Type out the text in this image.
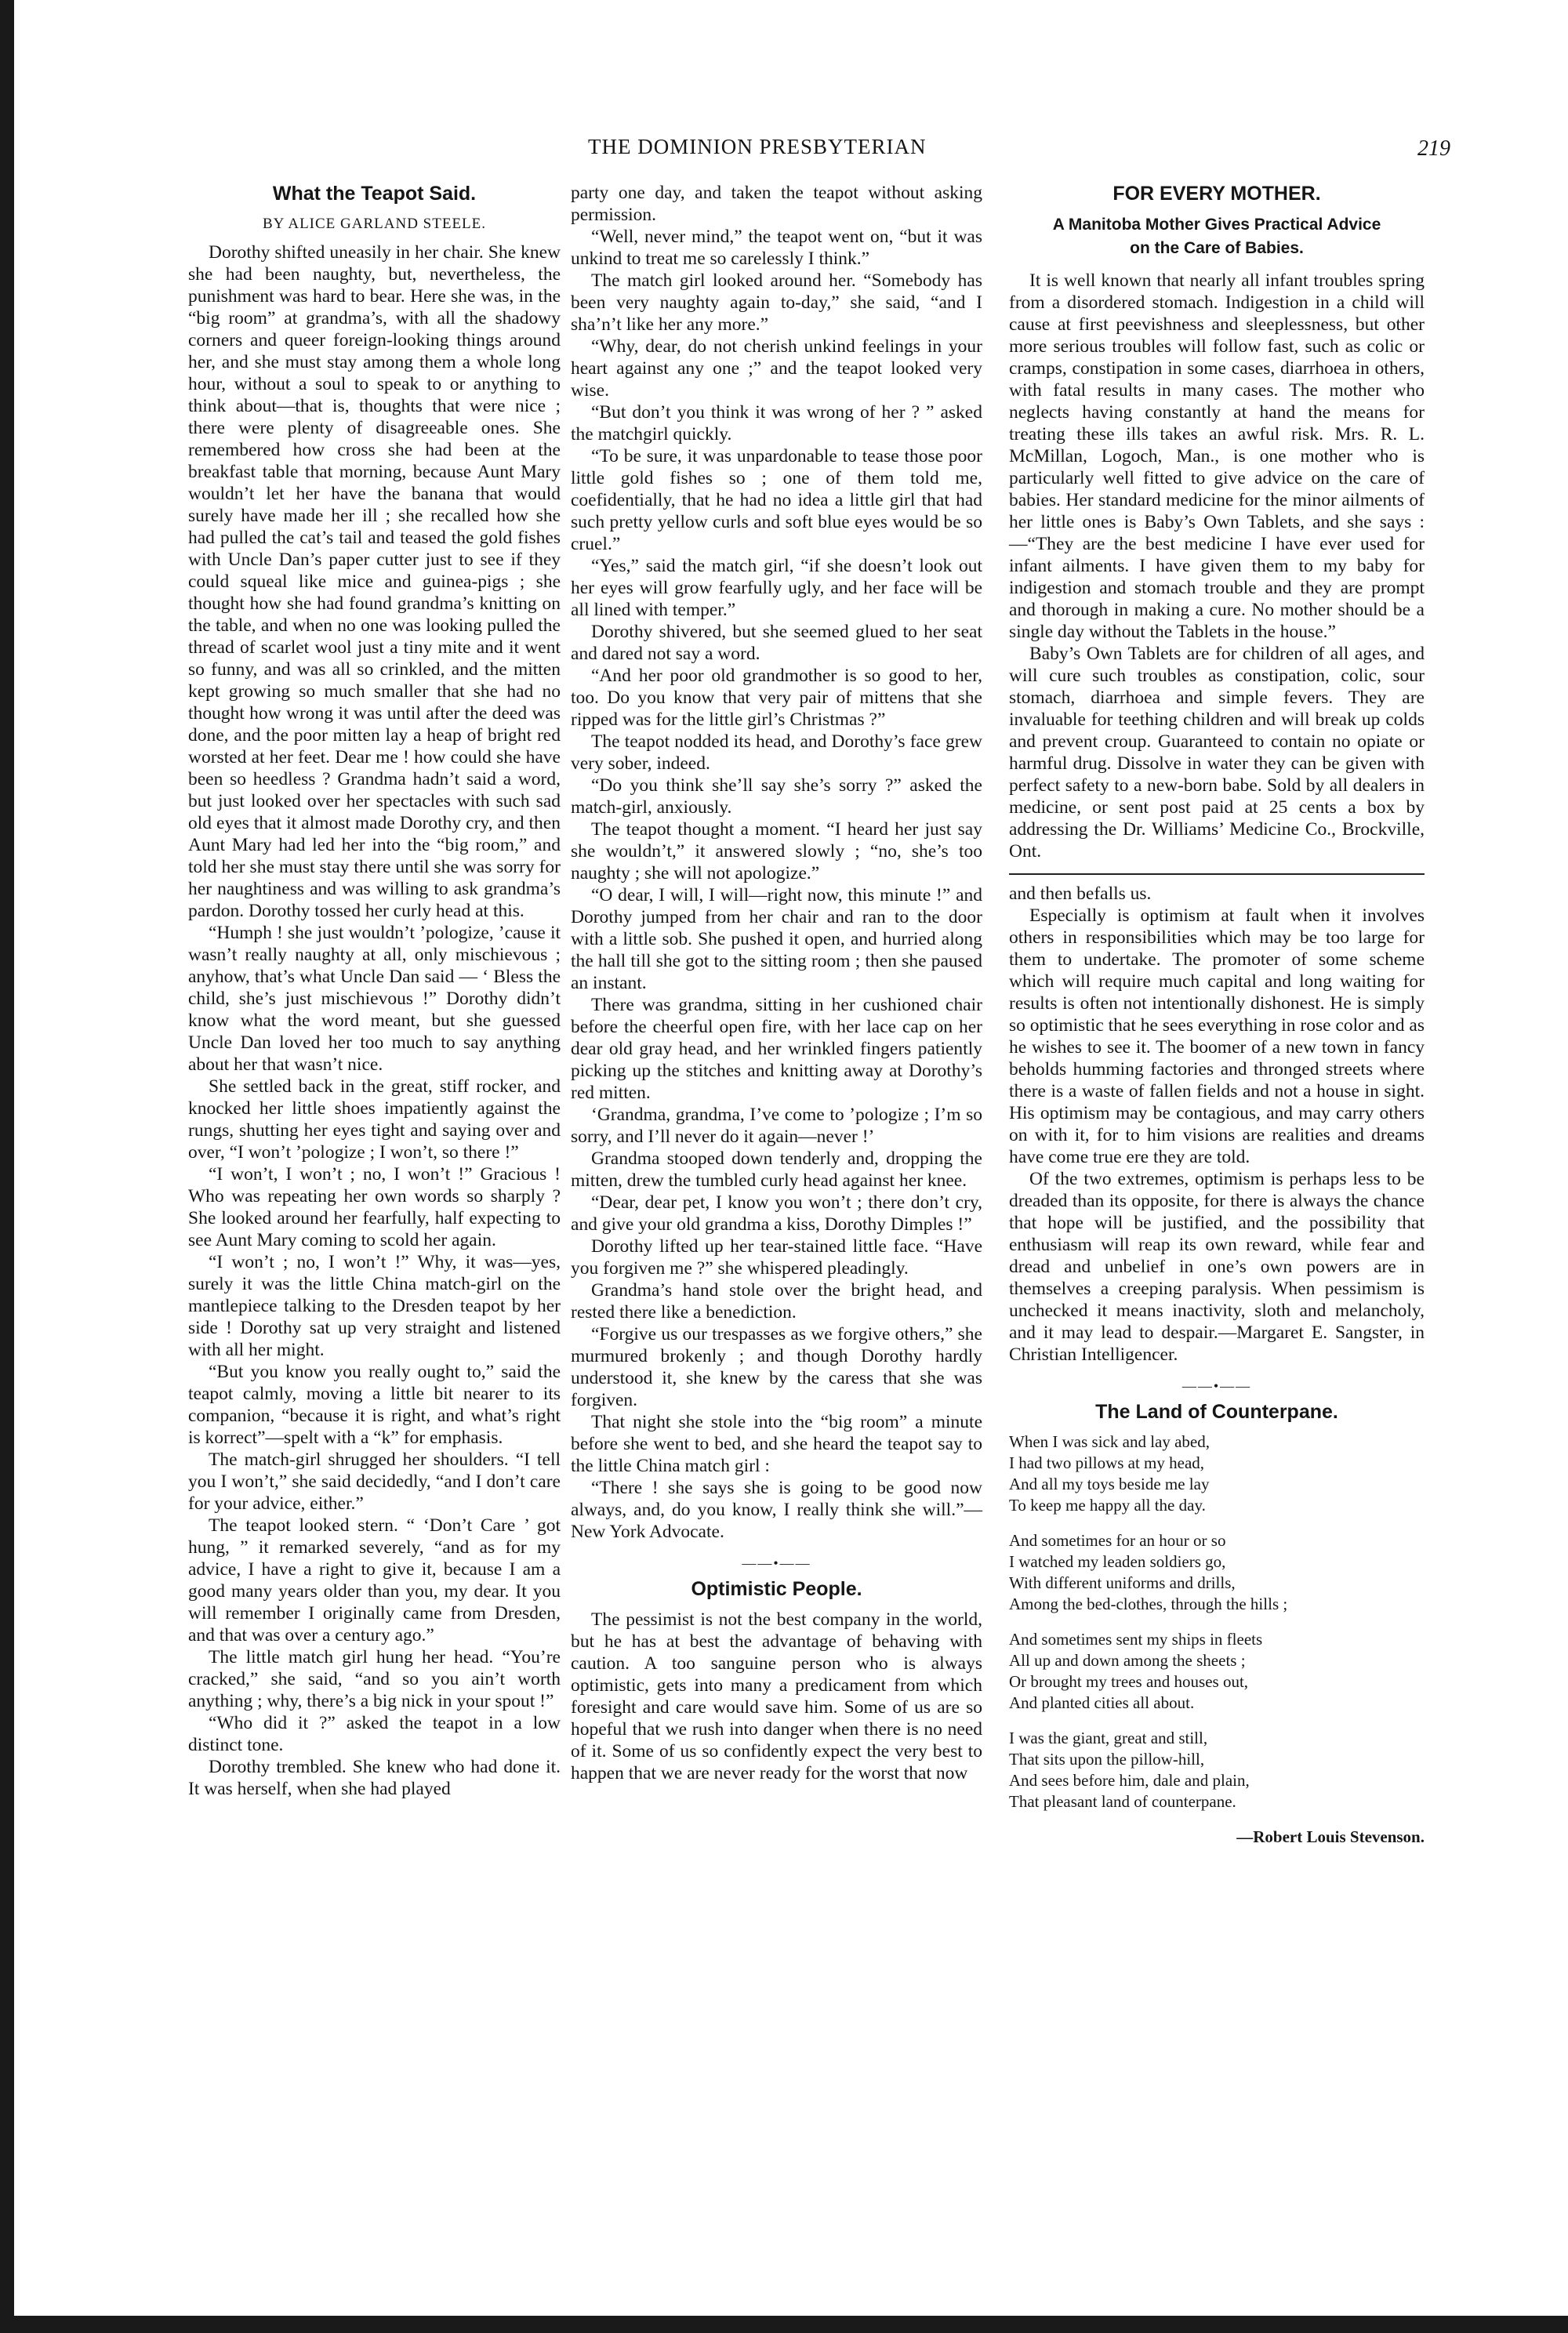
THE DOMINION PRESBYTERIAN	219
What the Teapot Said.
BY ALICE GARLAND STEELE.

Dorothy shifted uneasily in her chair. She knew she had been naughty, but, nevertheless, the punishment was hard to bear. Here she was, in the “big room” at grandma’s, with all the shadowy corners and queer foreign-looking things around her, and she must stay among them a whole long hour, without a soul to speak to or anything to think about—that is, thoughts that were nice ; there were plenty of disagreeable ones. She remembered how cross she had been at the breakfast table that morning, because Aunt Mary wouldn’t let her have the banana that would surely have made her ill ; she recalled how she had pulled the cat’s tail and teased the gold fishes with Uncle Dan’s paper cutter just to see if they could squeal like mice and guinea-pigs ; she thought how she had found grandma’s knitting on the table, and when no one was looking pulled the thread of scarlet wool just a tiny mite and it went so funny, and was all so crinkled, and the mitten kept growing so much smaller that she had no thought how wrong it was until after the deed was done, and the poor mitten lay a heap of bright red worsted at her feet. Dear me ! how could she have been so heedless ? Grandma hadn’t said a word, but just looked over her spectacles with such sad old eyes that it almost made Dorothy cry, and then Aunt Mary had led her into the “big room,” and told her she must stay there until she was sorry for her naughtiness and was willing to ask grandma’s pardon. Dorothy tossed her curly head at this.

“Humph ! she just wouldn’t ’pologize, ’cause it wasn’t really naughty at all, only mischievous ; anyhow, that’s what Uncle Dan said — ‘ Bless the child, she’s just mischievous !” Dorothy didn’t know what the word meant, but she guessed Uncle Dan loved her too much to say anything about her that wasn’t nice.

She settled back in the great, stiff rocker, and knocked her little shoes impatiently against the rungs, shutting her eyes tight and saying over and over, “I won’t ’pologize ; I won’t, so there !”

“I won’t, I won’t ; no, I won’t !” Gracious ! Who was repeating her own words so sharply ? She looked around her fearfully, half expecting to see Aunt Mary coming to scold her again.

“I won’t ; no, I won’t !” Why, it was—yes, surely it was the little China match-girl on the mantlepiece talking to the Dresden teapot by her side ! Dorothy sat up very straight and listened with all her might.

“But you know you really ought to,” said the teapot calmly, moving a little bit nearer to its companion, “because it is right, and what’s right is korrect”—spelt with a “k” for emphasis.

The match-girl shrugged her shoulders. “I tell you I won’t,” she said decidedly, “and I don’t care for your advice, either.”

The teapot looked stern. “ ‘Don’t Care ’ got hung, ” it remarked severely, “and as for my advice, I have a right to give it, because I am a good many years older than you, my dear. It you will remember I originally came from Dresden, and that was over a century ago.”

The little match girl hung her head. “You’re cracked,” she said, “and so you ain’t worth anything ; why, there’s a big nick in your spout !”

“Who did it ?” asked the teapot in a low distinct tone.

Dorothy trembled. She knew who had done it. It was herself, when she had played

party one day, and taken the teapot without asking permission.

“Well, never mind,” the teapot went on, “but it was unkind to treat me so carelessly I think.”

The match girl looked around her. “Somebody has been very naughty again to-day,” she said, “and I sha’n’t like her any more.”

“Why, dear, do not cherish unkind feelings in your heart against any one ;” and the teapot looked very wise.

“But don’t you think it was wrong of her ? ” asked the matchgirl quickly.

“To be sure, it was unpardonable to tease those poor little gold fishes so ; one of them told me, coefidentially, that he had no idea a little girl that had such pretty yellow curls and soft blue eyes would be so cruel.”

“Yes,” said the match girl, “if she doesn’t look out her eyes will grow fearfully ugly, and her face will be all lined with temper.”

Dorothy shivered, but she seemed glued to her seat and dared not say a word.

“And her poor old grandmother is so good to her, too. Do you know that very pair of mittens that she ripped was for the little girl’s Christmas ?”

The teapot nodded its head, and Dorothy’s face grew very sober, indeed.

“Do you think she’ll say she’s sorry ?” asked the match-girl, anxiously.

The teapot thought a moment. “I heard her just say she wouldn’t,” it answered slowly ; “no, she’s too naughty ; she will not apologize.”

“O dear, I will, I will—right now, this minute !” and Dorothy jumped from her chair and ran to the door with a little sob. She pushed it open, and hurried along the hall till she got to the sitting room ; then she paused an instant.

There was grandma, sitting in her cushioned chair before the cheerful open fire, with her lace cap on her dear old gray head, and her wrinkled fingers patiently picking up the stitches and knitting away at Dorothy’s red mitten.

‘Grandma, grandma, I’ve come to ’pologize ; I’m so sorry, and I’ll never do it again—never !’

Grandma stooped down tenderly and, dropping the mitten, drew the tumbled curly head against her knee.

“Dear, dear pet, I know you won’t ; there don’t cry, and give your old grandma a kiss, Dorothy Dimples !”

Dorothy lifted up her tear-stained little face. “Have you forgiven me ?” she whispered pleadingly.

Grandma’s hand stole over the bright head, and rested there like a benediction.

“Forgive us our trespasses as we forgive others,” she murmured brokenly ; and though Dorothy hardly understood it, she knew by the caress that she was forgiven.

That night she stole into the “big room” a minute before she went to bed, and she heard the teapot say to the little China match girl :

“There ! she says she is going to be good now always, and, do you know, I really think she will.”—New York Advocate.

——•——
Optimistic People.

The pessimist is not the best company in the world, but he has at best the advantage of behaving with caution. A too sanguine person who is always optimistic, gets into many a predicament from which foresight and care would save him. Some of us are so hopeful that we rush into danger when there is no need of it. Some of us so confidently expect the very best to happen that we are never ready for the worst that now

FOR EVERY MOTHER.
A Manitoba Mother Gives Practical Advice
on the Care of Babies.

It is well known that nearly all infant troubles spring from a disordered stomach. Indigestion in a child will cause at first peevishness and sleeplessness, but other more serious troubles will follow fast, such as colic or cramps, constipation in some cases, diarrhoea in others, with fatal results in many cases. The mother who neglects having constantly at hand the means for treating these ills takes an awful risk. Mrs. R. L. McMillan, Logoch, Man., is one mother who is particularly well fitted to give advice on the care of babies. Her standard medicine for the minor ailments of her little ones is Baby’s Own Tablets, and she says :—“They are the best medicine I have ever used for infant ailments. I have given them to my baby for indigestion and stomach trouble and they are prompt and thorough in making a cure. No mother should be a single day without the Tablets in the house.”

Baby’s Own Tablets are for children of all ages, and will cure such troubles as constipation, colic, sour stomach, diarrhoea and simple fevers. They are invaluable for teething children and will break up colds and prevent croup. Guaranteed to contain no opiate or harmful drug. Dissolve in water they can be given with perfect safety to a new-born babe. Sold by all dealers in medicine, or sent post paid at 25 cents a box by addressing the Dr. Williams’ Medicine Co., Brockville, Ont.

and then befalls us.

Especially is optimism at fault when it involves others in responsibilities which may be too large for them to undertake. The promoter of some scheme which will require much capital and long waiting for results is often not intentionally dishonest. He is simply so optimistic that he sees everything in rose color and as he wishes to see it. The boomer of a new town in fancy beholds humming factories and thronged streets where there is a waste of fallen fields and not a house in sight. His optimism may be contagious, and may carry others on with it, for to him visions are realities and dreams have come true ere they are told.

Of the two extremes, optimism is perhaps less to be dreaded than its opposite, for there is always the chance that hope will be justified, and the possibility that enthusiasm will reap its own reward, while fear and dread and unbelief in one’s own powers are in themselves a creeping paralysis. When pessimism is unchecked it means inactivity, sloth and melancholy, and it may lead to despair.—Margaret E. Sangster, in Christian Intelligencer.

——•——
The Land of Counterpane.
When I was sick and lay abed,
I had two pillows at my head,
And all my toys beside me lay
To keep me happy all the day.
And sometimes for an hour or so
I watched my leaden soldiers go,
With different uniforms and drills,
Among the bed-clothes, through the hills ;
And sometimes sent my ships in fleets
All up and down among the sheets ;
Or brought my trees and houses out,
And planted cities all about.
I was the giant, great and still,
That sits upon the pillow-hill,
And sees before him, dale and plain,
That pleasant land of counterpane.
—Robert Louis Stevenson.
